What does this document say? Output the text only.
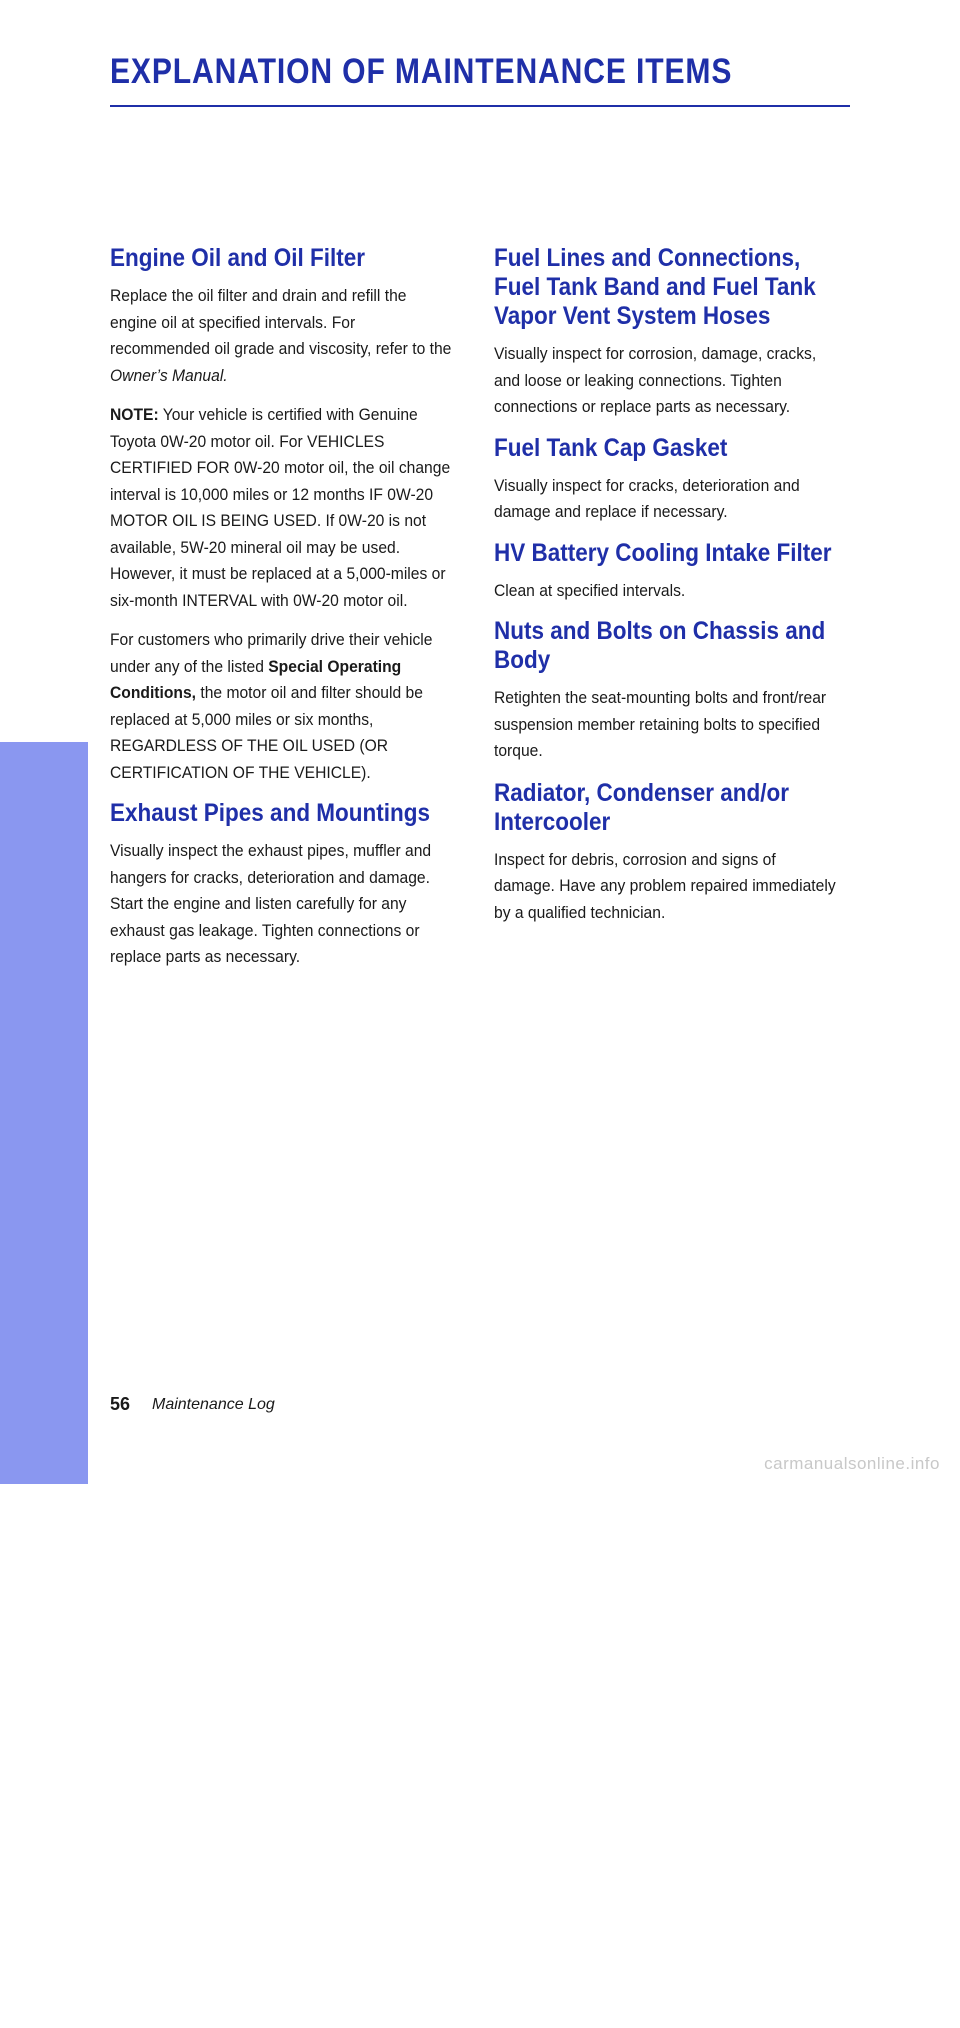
EXPLANATION OF MAINTENANCE ITEMS
MAINTENANCE
Engine Oil and Oil Filter

Replace the oil filter and drain and refill the engine oil at specified intervals. For recommended oil grade and viscosity, refer to the Owner’s Manual.

NOTE: Your vehicle is certified with Genuine Toyota 0W-20 motor oil. For VEHICLES CERTIFIED FOR 0W-20 motor oil, the oil change interval is 10,000 miles or 12 months IF 0W-20 MOTOR OIL IS BEING USED. If 0W-20 is not available, 5W-20 mineral oil may be used. However, it must be replaced at a 5,000-miles or six-month INTERVAL with 0W-20 motor oil.

For customers who primarily drive their vehicle under any of the listed Special Operating Conditions, the motor oil and filter should be replaced at 5,000 miles or six months, REGARDLESS OF THE OIL USED (OR CERTIFICATION OF THE VEHICLE).

Exhaust Pipes and Mountings

Visually inspect the exhaust pipes, muffler and hangers for cracks, deterioration and damage. Start the engine and listen carefully for any exhaust gas leakage. Tighten connections or replace parts as necessary.

Fuel Lines and Connections, Fuel Tank Band and Fuel Tank Vapor Vent System Hoses

Visually inspect for corrosion, damage, cracks, and loose or leaking connections. Tighten connections or replace parts as necessary.

Fuel Tank Cap Gasket

Visually inspect for cracks, deterioration and damage and replace if necessary.

HV Battery Cooling Intake Filter

Clean at specified intervals.

Nuts and Bolts on Chassis and Body

Retighten the seat-mounting bolts and front/rear suspension member retaining bolts to specified torque.

Radiator, Condenser and/or Intercooler

Inspect for debris, corrosion and signs of damage. Have any problem repaired immediately by a qualified technician.

56 Maintenance Log
carmanualsonline.info
